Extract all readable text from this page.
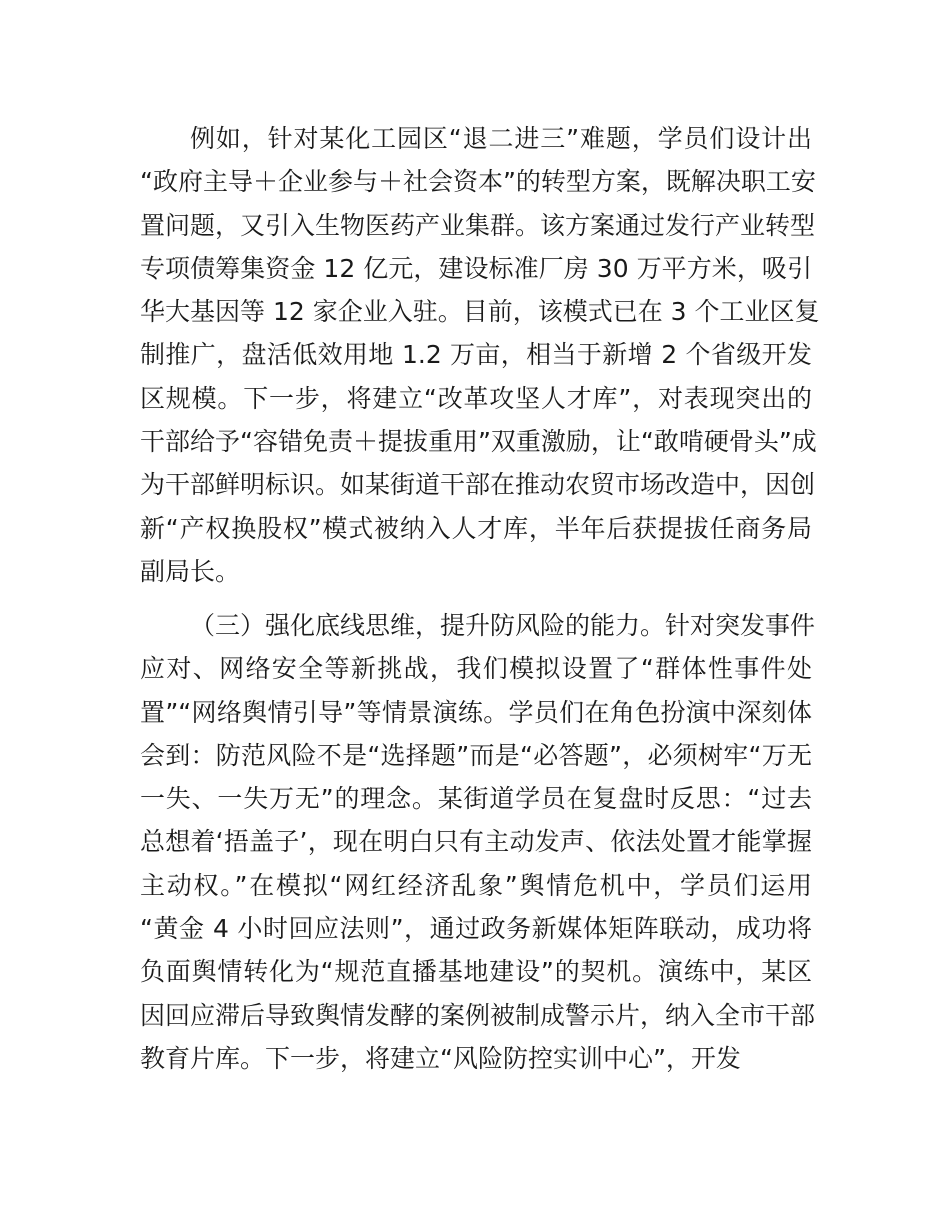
例如，针对某化工园区“退二进三”难题，学员们设计出
“政府主导＋企业参与＋社会资本”的转型方案，既解决职工安
置问题，又引入生物医药产业集群。该方案通过发行产业转型
专项债筹集资金 12 亿元，建设标准厂房 30 万平方米，吸引
华大基因等 12 家企业入驻。目前，该模式已在 3 个工业区复
制推广，盘活低效用地 1.2 万亩，相当于新增 2 个省级开发
区规模。下一步，将建立“改革攻坚人才库”，对表现突出的
干部给予“容错免责＋提拔重用”双重激励，让“敢啃硬骨头”成
为干部鲜明标识。如某街道干部在推动农贸市场改造中，因创
新“产权换股权”模式被纳入人才库，半年后获提拔任商务局
副局长。
（三）强化底线思维，提升防风险的能力。针对突发事件
应对、网络安全等新挑战，我们模拟设置了“群体性事件处
置”“网络舆情引导”等情景演练。学员们在角色扮演中深刻体
会到：防范风险不是“选择题”而是“必答题”，必须树牢“万无
一失、一失万无”的理念。某街道学员在复盘时反思：“过去
总想着‘捂盖子’，现在明白只有主动发声、依法处置才能掌握
主动权。”在模拟“网红经济乱象”舆情危机中，学员们运用
“黄金 4 小时回应法则”，通过政务新媒体矩阵联动，成功将
负面舆情转化为“规范直播基地建设”的契机。演练中，某区
因回应滞后导致舆情发酵的案例被制成警示片，纳入全市干部
教育片库。下一步，将建立“风险防控实训中心”，开发
